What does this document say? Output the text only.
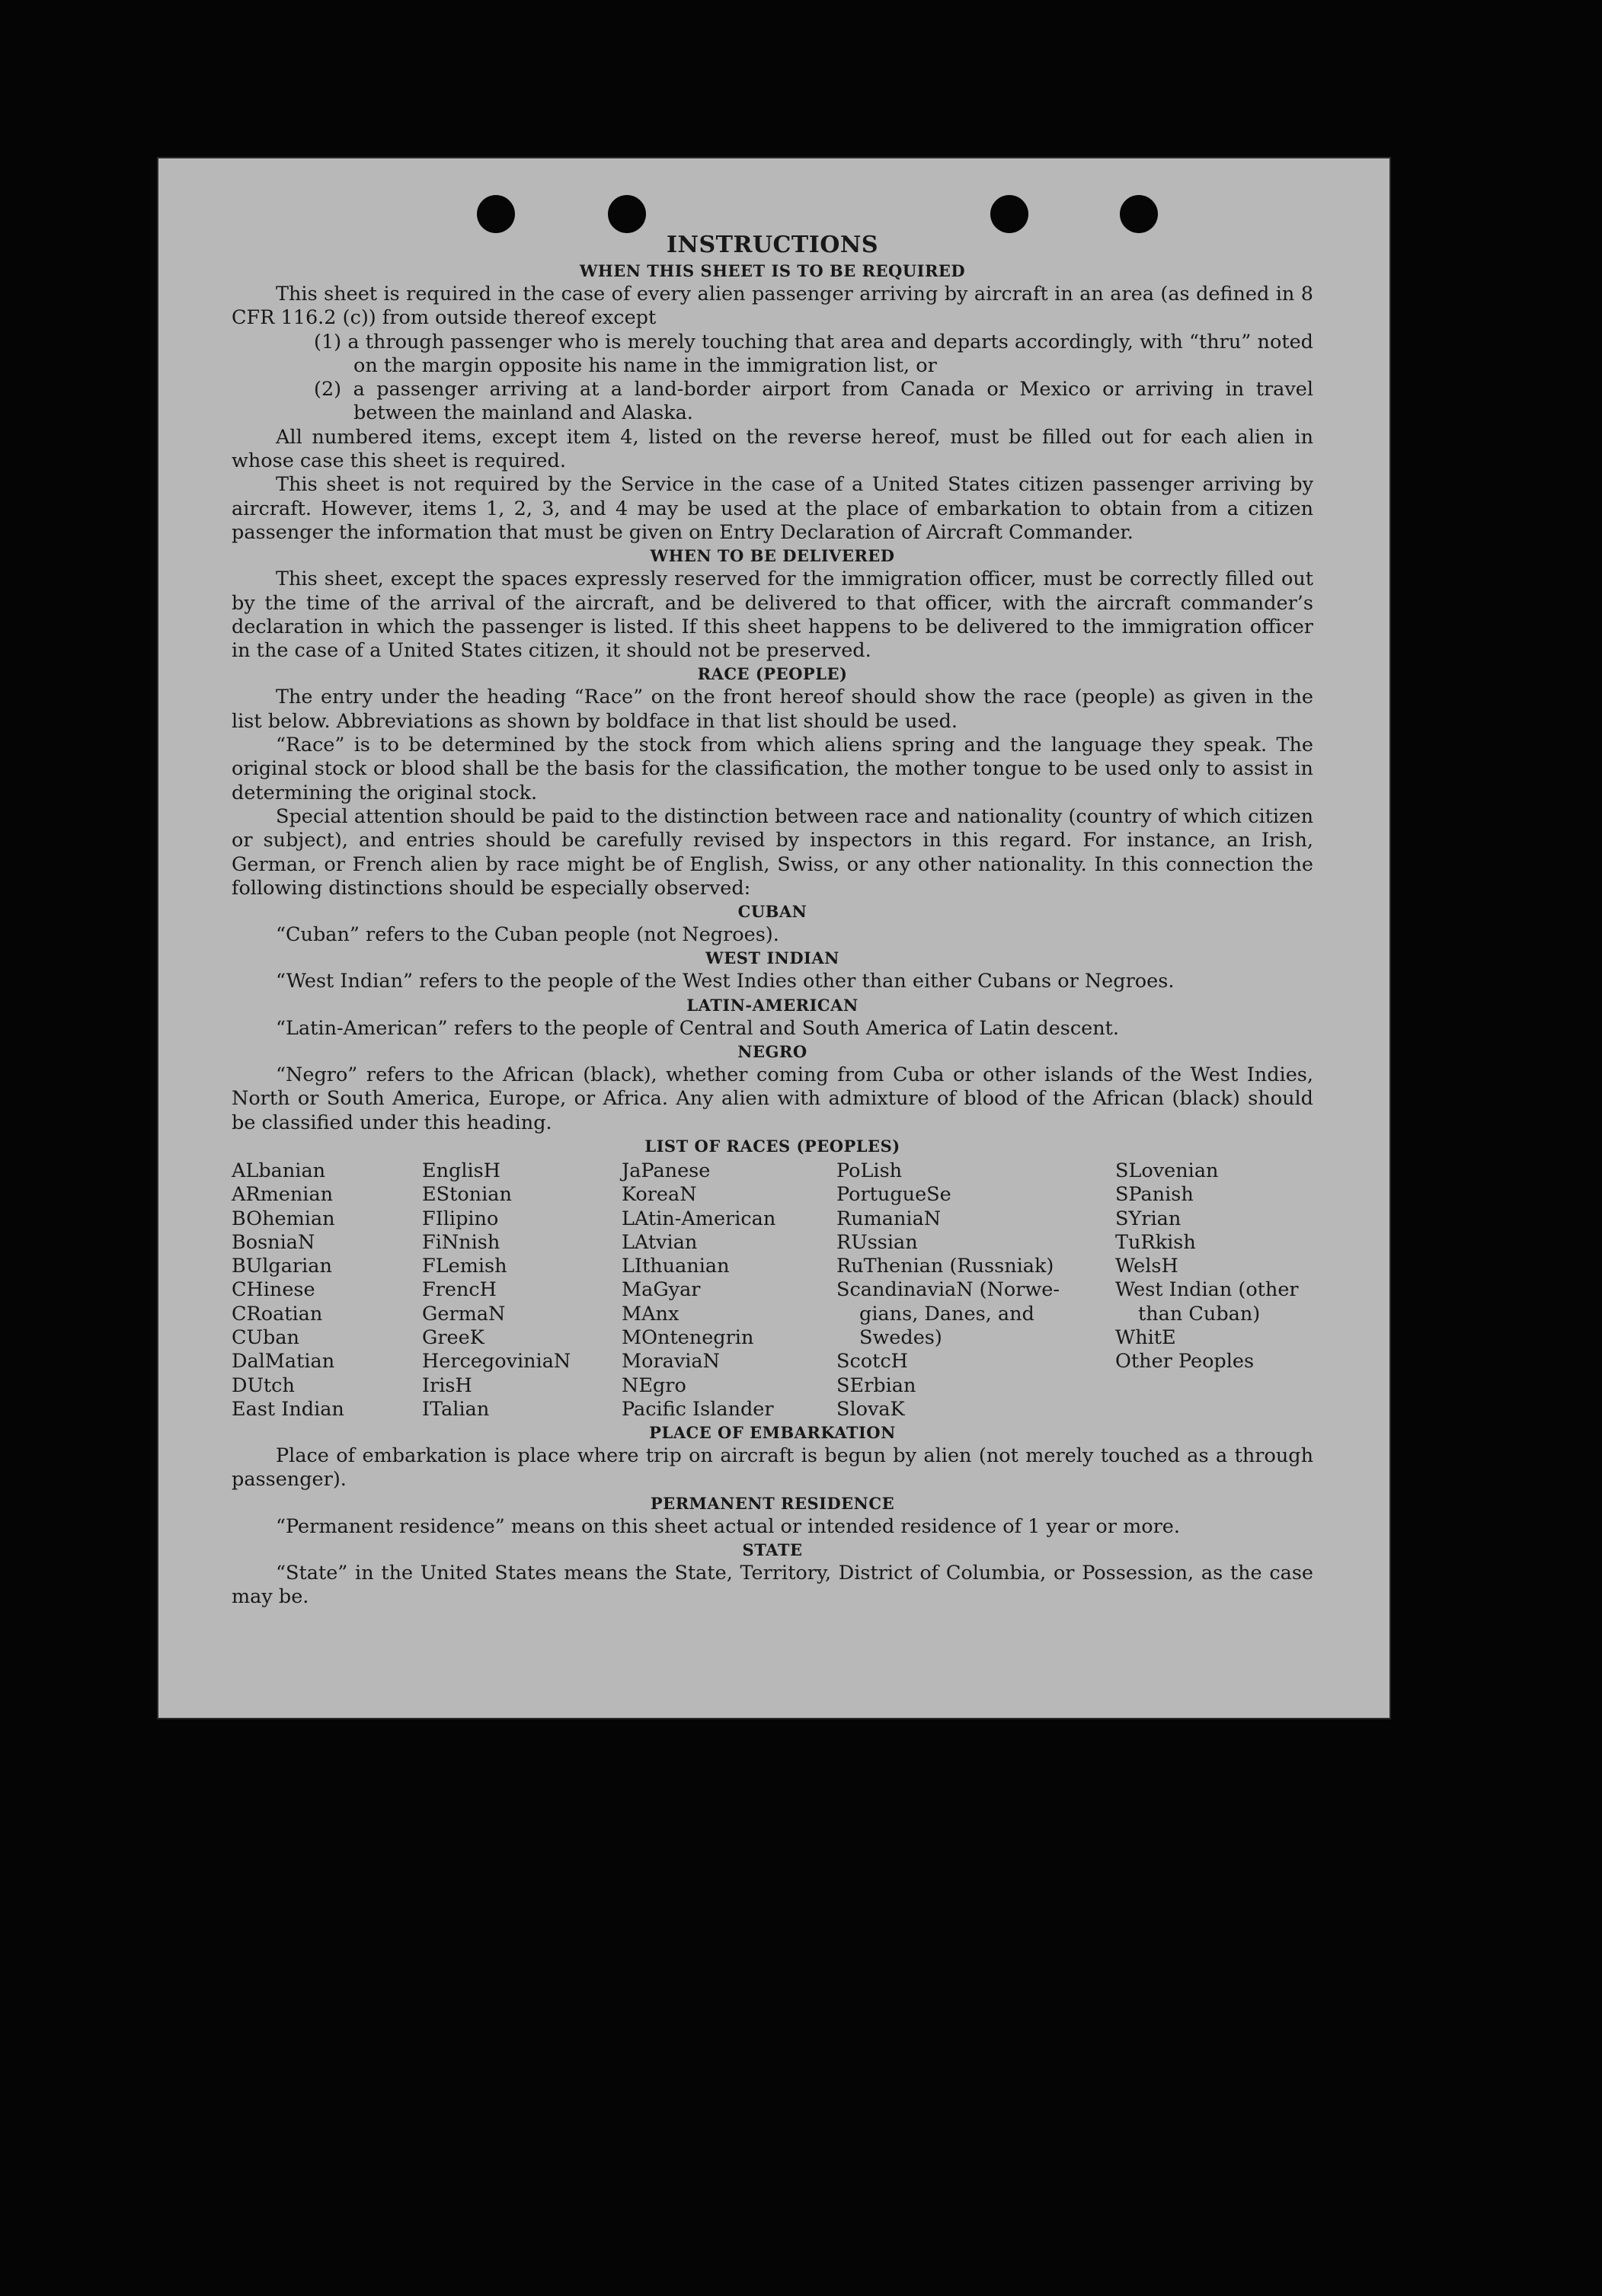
INSTRUCTIONS

WHEN THIS SHEET IS TO BE REQUIRED

This sheet is required in the case of every alien passenger arriving by aircraft in an area (as defined in 8 CFR 116.2 (c)) from outside thereof except

(1) a through passenger who is merely touching that area and departs accordingly, with “thru” noted on the margin opposite his name in the immigration list, or

(2) a passenger arriving at a land-border airport from Canada or Mexico or arriving in travel between the mainland and Alaska.

All numbered items, except item 4, listed on the reverse hereof, must be filled out for each alien in whose case this sheet is required.

This sheet is not required by the Service in the case of a United States citizen passenger arriving by aircraft. However, items 1, 2, 3, and 4 may be used at the place of embarkation to obtain from a citizen passenger the information that must be given on Entry Declaration of Aircraft Commander.

WHEN TO BE DELIVERED

This sheet, except the spaces expressly reserved for the immigration officer, must be correctly filled out by the time of the arrival of the aircraft, and be delivered to that officer, with the aircraft commander’s declaration in which the passenger is listed. If this sheet happens to be delivered to the immigration officer in the case of a United States citizen, it should not be preserved.

RACE (PEOPLE)

The entry under the heading “Race” on the front hereof should show the race (people) as given in the list below. Abbreviations as shown by boldface in that list should be used.

“Race” is to be determined by the stock from which aliens spring and the language they speak. The original stock or blood shall be the basis for the classification, the mother tongue to be used only to assist in determining the original stock.

Special attention should be paid to the distinction between race and nationality (country of which citizen or subject), and entries should be carefully revised by inspectors in this regard. For instance, an Irish, German, or French alien by race might be of English, Swiss, or any other nationality. In this connection the following distinctions should be especially observed:

CUBAN

“Cuban” refers to the Cuban people (not Negroes).

WEST INDIAN

“West Indian” refers to the people of the West Indies other than either Cubans or Negroes.

LATIN-AMERICAN

“Latin-American” refers to the people of Central and South America of Latin descent.

NEGRO

“Negro” refers to the African (black), whether coming from Cuba or other islands of the West Indies, North or South America, Europe, or Africa. Any alien with admixture of blood of the African (black) should be classified under this heading.

LIST OF RACES (PEOPLES)

ALbanian
ARmenian
BOhemian
BosniaN
BUlgarian
CHinese
CRoatian
CUban
DalMatian
DUtch
East Indian
EnglisH
EStonian
FIlipino
FiNnish
FLemish
FrencH
GermaN
GreeK
HercegoviniaN
IrisH
ITalian
JaPanese
KoreaN
LAtin-American
LAtvian
LIthuanian
MaGyar
MAnx
MOntenegrin
MoraviaN
NEgro
Pacific Islander
PoLish
PortugueSe
RumaniaN
RUssian
RuThenian (Russniak)
ScandinaviaN (Norwe-
gians, Danes, and
Swedes)
ScotcH
SErbian
SlovaK
SLovenian
SPanish
SYrian
TuRkish
WelsH
West Indian (other
than Cuban)
WhitE
Other Peoples

PLACE OF EMBARKATION

Place of embarkation is place where trip on aircraft is begun by alien (not merely touched as a through passenger).

PERMANENT RESIDENCE

“Permanent residence” means on this sheet actual or intended residence of 1 year or more.

STATE

“State” in the United States means the State, Territory, District of Columbia, or Possession, as the case may be.
